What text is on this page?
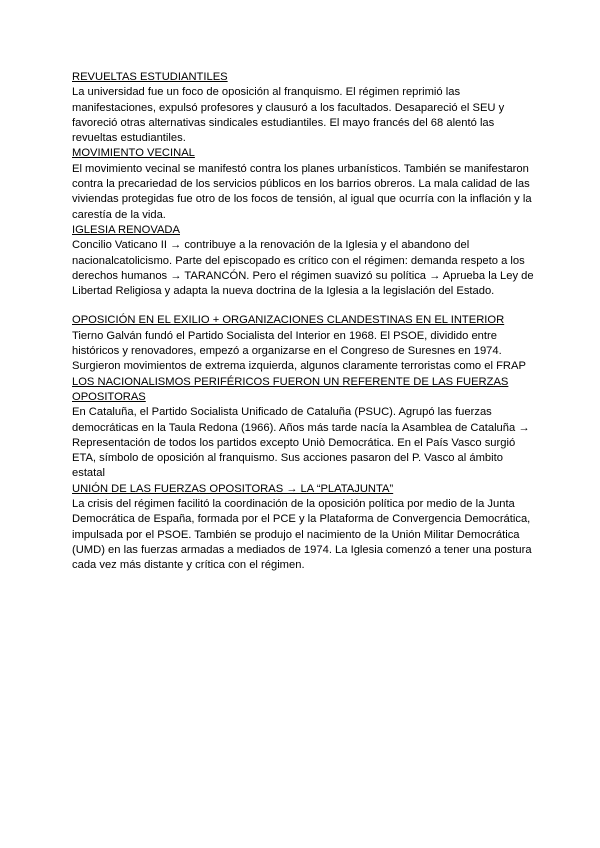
REVUELTAS ESTUDIANTILES

La universidad fue un foco de oposición al franquismo. El régimen reprimió las manifestaciones, expulsó profesores y clausuró a los facultados. Desapareció el SEU y favoreció otras alternativas sindicales estudiantiles. El mayo francés del 68 alentó las revueltas estudiantiles.

MOVIMIENTO VECINAL

El movimiento vecinal se manifestó contra los planes urbanísticos. También se manifestaron contra la precariedad de los servicios públicos en los barrios obreros. La mala calidad de las viviendas protegidas fue otro de los focos de tensión, al igual que ocurría con la inflación y la carestía de la vida.

IGLESIA RENOVADA

Concilio Vaticano II → contribuye a la renovación de la Iglesia y el abandono del nacionalcatolicismo. Parte del episcopado es crítico con el régimen: demanda respeto a los derechos humanos → TARANCÓN. Pero el régimen suavizó su política → Aprueba la Ley de Libertad Religiosa y adapta la nueva doctrina de la Iglesia a la legislación del Estado.

OPOSICIÓN EN EL EXILIO + ORGANIZACIONES CLANDESTINAS EN EL INTERIOR

Tierno Galván fundó el Partido Socialista del Interior en 1968. El PSOE, dividido entre históricos y renovadores, empezó a organizarse en el Congreso de Suresnes en 1974. Surgieron movimientos de extrema izquierda, algunos claramente terroristas como el FRAP

LOS NACIONALISMOS PERIFÉRICOS FUERON UN REFERENTE DE LAS FUERZAS OPOSITORAS

En Cataluña, el Partido Socialista Unificado de Cataluña (PSUC). Agrupó las fuerzas democráticas en la Taula Redona (1966). Años más tarde nacía la Asamblea de Cataluña → Representación de todos los partidos excepto Uniò Democrática. En el País Vasco surgió ETA, símbolo de oposición al franquismo. Sus acciones pasaron del P. Vasco al ámbito estatal

UNIÓN DE LAS FUERZAS OPOSITORAS → LA “PLATAJUNTA”

La crisis del régimen facilitó la coordinación de la oposición política por medio de la Junta Democrática de España, formada por el PCE y la Plataforma de Convergencia Democrática, impulsada por el PSOE. También se produjo el nacimiento de la Unión Militar Democrática (UMD) en las fuerzas armadas a mediados de 1974. La Iglesia comenzó a tener una postura cada vez más distante y crítica con el régimen.
